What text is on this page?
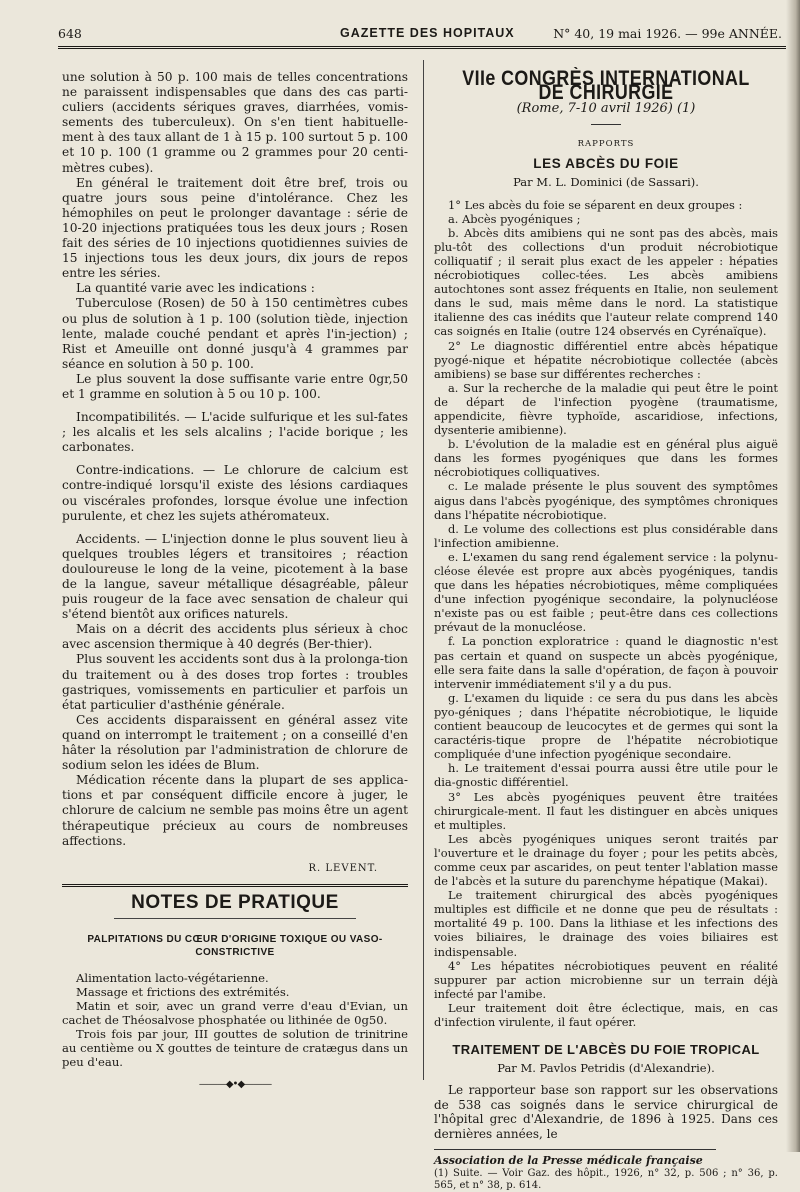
648	GAZETTE DES HOPITAUX	N° 40, 19 mai 1926. — 99e ANNÉE.

une solution à 50 p. 100 mais de telles concentrations ne paraissent indispensables que dans des cas parti-culiers (accidents sériques graves, diarrhées, vomis-sements des tuberculeux). On s'en tient habituelle-ment à des taux allant de 1 à 15 p. 100 surtout 5 p. 100 et 10 p. 100 (1 gramme ou 2 grammes pour 20 centi-mètres cubes).

En général le traitement doit être bref, trois ou quatre jours sous peine d'intolérance. Chez les hémophiles on peut le prolonger davantage : série de 10-20 injections pratiquées tous les deux jours ; Rosen fait des séries de 10 injections quotidiennes suivies de 15 injections tous les deux jours, dix jours de repos entre les séries.

La quantité varie avec les indications :

Tuberculose (Rosen) de 50 à 150 centimètres cubes ou plus de solution à 1 p. 100 (solution tiède, injection lente, malade couché pendant et après l'in-jection) ; Rist et Ameuille ont donné jusqu'à 4 grammes par séance en solution à 50 p. 100.

Le plus souvent la dose suffisante varie entre 0gr,50 et 1 gramme en solution à 5 ou 10 p. 100.

Incompatibilités. — L'acide sulfurique et les sul-fates ; les alcalis et les sels alcalins ; l'acide borique ; les carbonates.

Contre-indications. — Le chlorure de calcium est contre-indiqué lorsqu'il existe des lésions cardiaques ou viscérales profondes, lorsque évolue une infection purulente, et chez les sujets athéromateux.

Accidents. — L'injection donne le plus souvent lieu à quelques troubles légers et transitoires ; réaction douloureuse le long de la veine, picotement à la base de la langue, saveur métallique désagréable, pâleur puis rougeur de la face avec sensation de chaleur qui s'étend bientôt aux orifices naturels.

Mais on a décrit des accidents plus sérieux à choc avec ascension thermique à 40 degrés (Ber-thier).

Plus souvent les accidents sont dus à la prolonga-tion du traitement ou à des doses trop fortes : troubles gastriques, vomissements en particulier et parfois un état particulier d'asthénie générale.

Ces accidents disparaissent en général assez vite quand on interrompt le traitement ; on a conseillé d'en hâter la résolution par l'administration de chlorure de sodium selon les idées de Blum.

Médication récente dans la plupart de ses applica-tions et par conséquent difficile encore à juger, le chlorure de calcium ne semble pas moins être un agent thérapeutique précieux au cours de nombreuses affections.

R. LEVENT.
NOTES DE PRATIQUE
PALPITATIONS DU CŒUR D'ORIGINE TOXIQUE OU VASO-CONSTRICTIVE

Alimentation lacto-végétarienne.

Massage et frictions des extrémités.

Matin et soir, avec un grand verre d'eau d'Evian, un cachet de Théosalvose phosphatée ou lithinée de 0g50.

Trois fois par jour, III gouttes de solution de trinitrine au centième ou X gouttes de teinture de cratægus dans un peu d'eau.

———◆•◆———
VIIe CONGRÈS INTERNATIONAL DE CHIRURGIE
(Rome, 7-10 avril 1926) (1)
RAPPORTS
LES ABCÈS DU FOIE
Par M. L. Dominici (de Sassari).

1° Les abcès du foie se séparent en deux groupes :

a. Abcès pyogéniques ;

b. Abcès dits amibiens qui ne sont pas des abcès, mais plu-tôt des collections d'un produit nécrobiotique colliquatif ; il serait plus exact de les appeler : hépaties nécrobiotiques collec-tées. Les abcès amibiens autochtones sont assez fréquents en Italie, non seulement dans le sud, mais même dans le nord. La statistique italienne des cas inédits que l'auteur relate comprend 140 cas soignés en Italie (outre 124 observés en Cyrénaïque).

2° Le diagnostic différentiel entre abcès hépatique pyogé-nique et hépatite nécrobiotique collectée (abcès amibiens) se base sur différentes recherches :

a. Sur la recherche de la maladie qui peut être le point de départ de l'infection pyogène (traumatisme, appendicite, fièvre typhoïde, ascaridiose, infections, dysenterie amibienne).

b. L'évolution de la maladie est en général plus aiguë dans les formes pyogéniques que dans les formes nécrobiotiques colliquatives.

c. Le malade présente le plus souvent des symptômes aigus dans l'abcès pyogénique, des symptômes chroniques dans l'hépatite nécrobiotique.

d. Le volume des collections est plus considérable dans l'infection amibienne.

e. L'examen du sang rend également service : la polynu-cléose élevée est propre aux abcès pyogéniques, tandis que dans les hépaties nécrobiotiques, même compliquées d'une infection pyogénique secondaire, la polynucléose n'existe pas ou est faible ; peut-être dans ces collections prévaut de la monucléose.

f. La ponction exploratrice : quand le diagnostic n'est pas certain et quand on suspecte un abcès pyogénique, elle sera faite dans la salle d'opération, de façon à pouvoir intervenir immédiatement s'il y a du pus.

g. L'examen du liquide : ce sera du pus dans les abcès pyo-géniques ; dans l'hépatite nécrobiotique, le liquide contient beaucoup de leucocytes et de germes qui sont la caractéris-tique propre de l'hépatite nécrobiotique compliquée d'une infection pyogénique secondaire.

h. Le traitement d'essai pourra aussi être utile pour le dia-gnostic différentiel.

3° Les abcès pyogéniques peuvent être traitées chirurgicale-ment. Il faut les distinguer en abcès uniques et multiples.

Les abcès pyogéniques uniques seront traités par l'ouverture et le drainage du foyer ; pour les petits abcès, comme ceux par ascarides, on peut tenter l'ablation masse de l'abcès et la suture du parenchyme hépatique (Makai).

Le traitement chirurgical des abcès pyogéniques multiples est difficile et ne donne que peu de résultats : mortalité 49 p. 100. Dans la lithiase et les infections des voies biliaires, le drainage des voies biliaires est indispensable.

4° Les hépatites nécrobiotiques peuvent en réalité suppurer par action microbienne sur un terrain déjà infecté par l'amibe.

Leur traitement doit être éclectique, mais, en cas d'infection virulente, il faut opérer.

TRAITEMENT DE L'ABCÈS DU FOIE TROPICAL
Par M. Pavlos Petridis (d'Alexandrie).

Le rapporteur base son rapport sur les observations de 538 cas soignés dans le service chirurgical de l'hôpital grec d'Alexandrie, de 1896 à 1925. Dans ces dernières années, le

Association de la Presse médicale française
(1) Suite. — Voir Gaz. des hôpit., 1926, n° 32, p. 506 ; n° 36, p. 565, et n° 38, p. 614.
